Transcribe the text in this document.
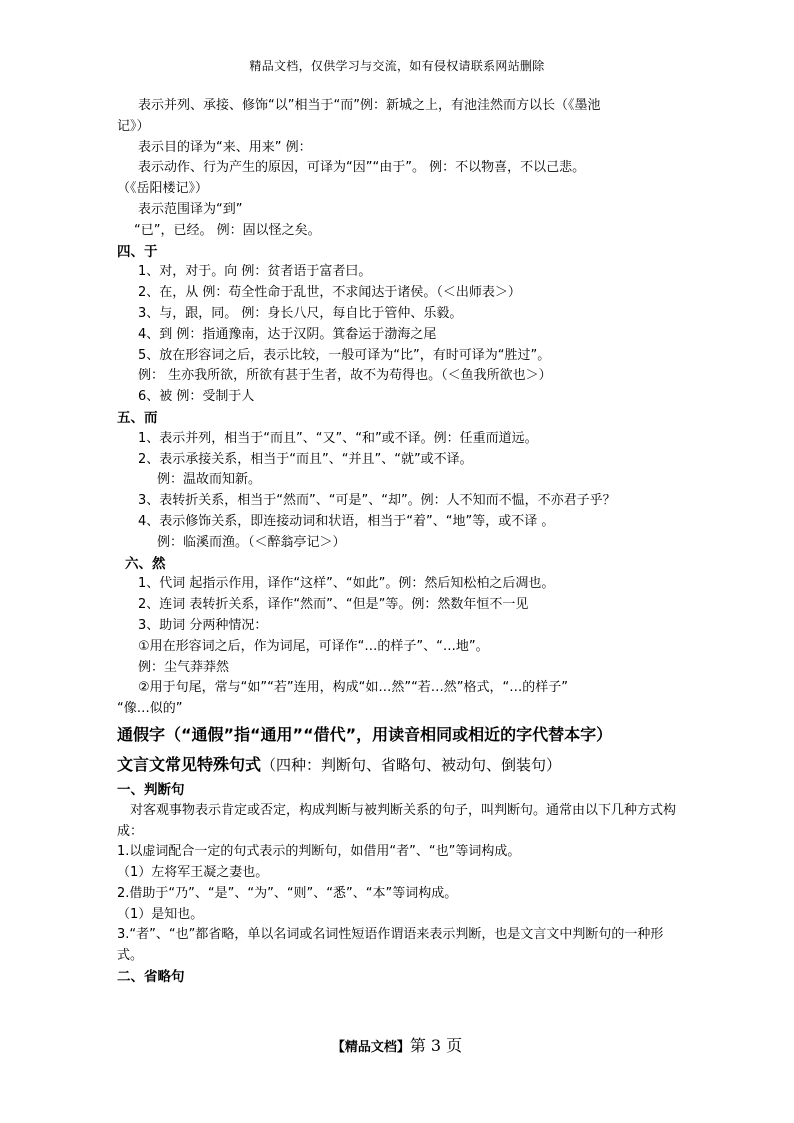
精品文档，仅供学习与交流，如有侵权请联系网站删除
表示并列、承接、修饰“以”相当于“而”例：新城之上，有池洼然而方以长（《墨池
记》）
表示目的译为“来、用来” 例：
表示动作、行为产生的原因，可译为“因”“由于”。 例：不以物喜，不以己悲。
（《岳阳楼记》）
表示范围译为“到”
“已”，已经。 例：固以怪之矣。
四、于
1、对，对于。向 例：贫者语于富者曰。
2、在，从 例：苟全性命于乱世，不求闻达于诸侯。（＜出师表＞）
3、与，跟，同。 例：身长八尺，每自比于管仲、乐毅。
4、到 例：指通豫南，达于汉阴。箕畚运于渤海之尾
5、放在形容词之后，表示比较，一般可译为“比”，有时可译为“胜过”。
例： 生亦我所欲，所欲有甚于生者，故不为苟得也。（＜鱼我所欲也＞）
6、被 例：受制于人
五、而
1、表示并列，相当于“而且”、“又”、“和”或不译。例：任重而道远。
2、表示承接关系，相当于“而且”、“并且”、“就”或不译。
例：温故而知新。
3、表转折关系，相当于“然而”、“可是”、“却”。例：人不知而不愠，不亦君子乎？
4、表示修饰关系，即连接动词和状语，相当于“着”、“地”等，或不译 。
例：临溪而渔。（＜醉翁亭记＞）
六、然
1、代词 起指示作用，译作“这样”、“如此”。例：然后知松柏之后凋也。
2、连词 表转折关系，译作“然而”、“但是”等。例：然数年恒不一见
3、助词 分两种情况：
①用在形容词之后，作为词尾，可译作“…的样子”、“…地”。
例：尘气莽莽然
②用于句尾，常与“如”“若”连用，构成“如…然”“若…然”格式，“…的样子”
“像…似的”
通假字（“通假”指“通用”“借代”，用读音相同或相近的字代替本字）
文言文常见特殊句式（四种：判断句、省略句、被动句、倒装句）
一、判断句
对客观事物表示肯定或否定，构成判断与被判断关系的句子，叫判断句。通常由以下几种方式构成：
1.以虚词配合一定的句式表示的判断句，如借用“者”、“也”等词构成。
（1）左将军王凝之妻也。
2.借助于“乃”、“是”、“为”、“则”、“悉”、“本”等词构成。
（1）是知也。
3.“者”、“也”都省略，单以名词或名词性短语作谓语来表示判断，也是文言文中判断句的一种形式。
二、省略句
【精品文档】第 3 页
